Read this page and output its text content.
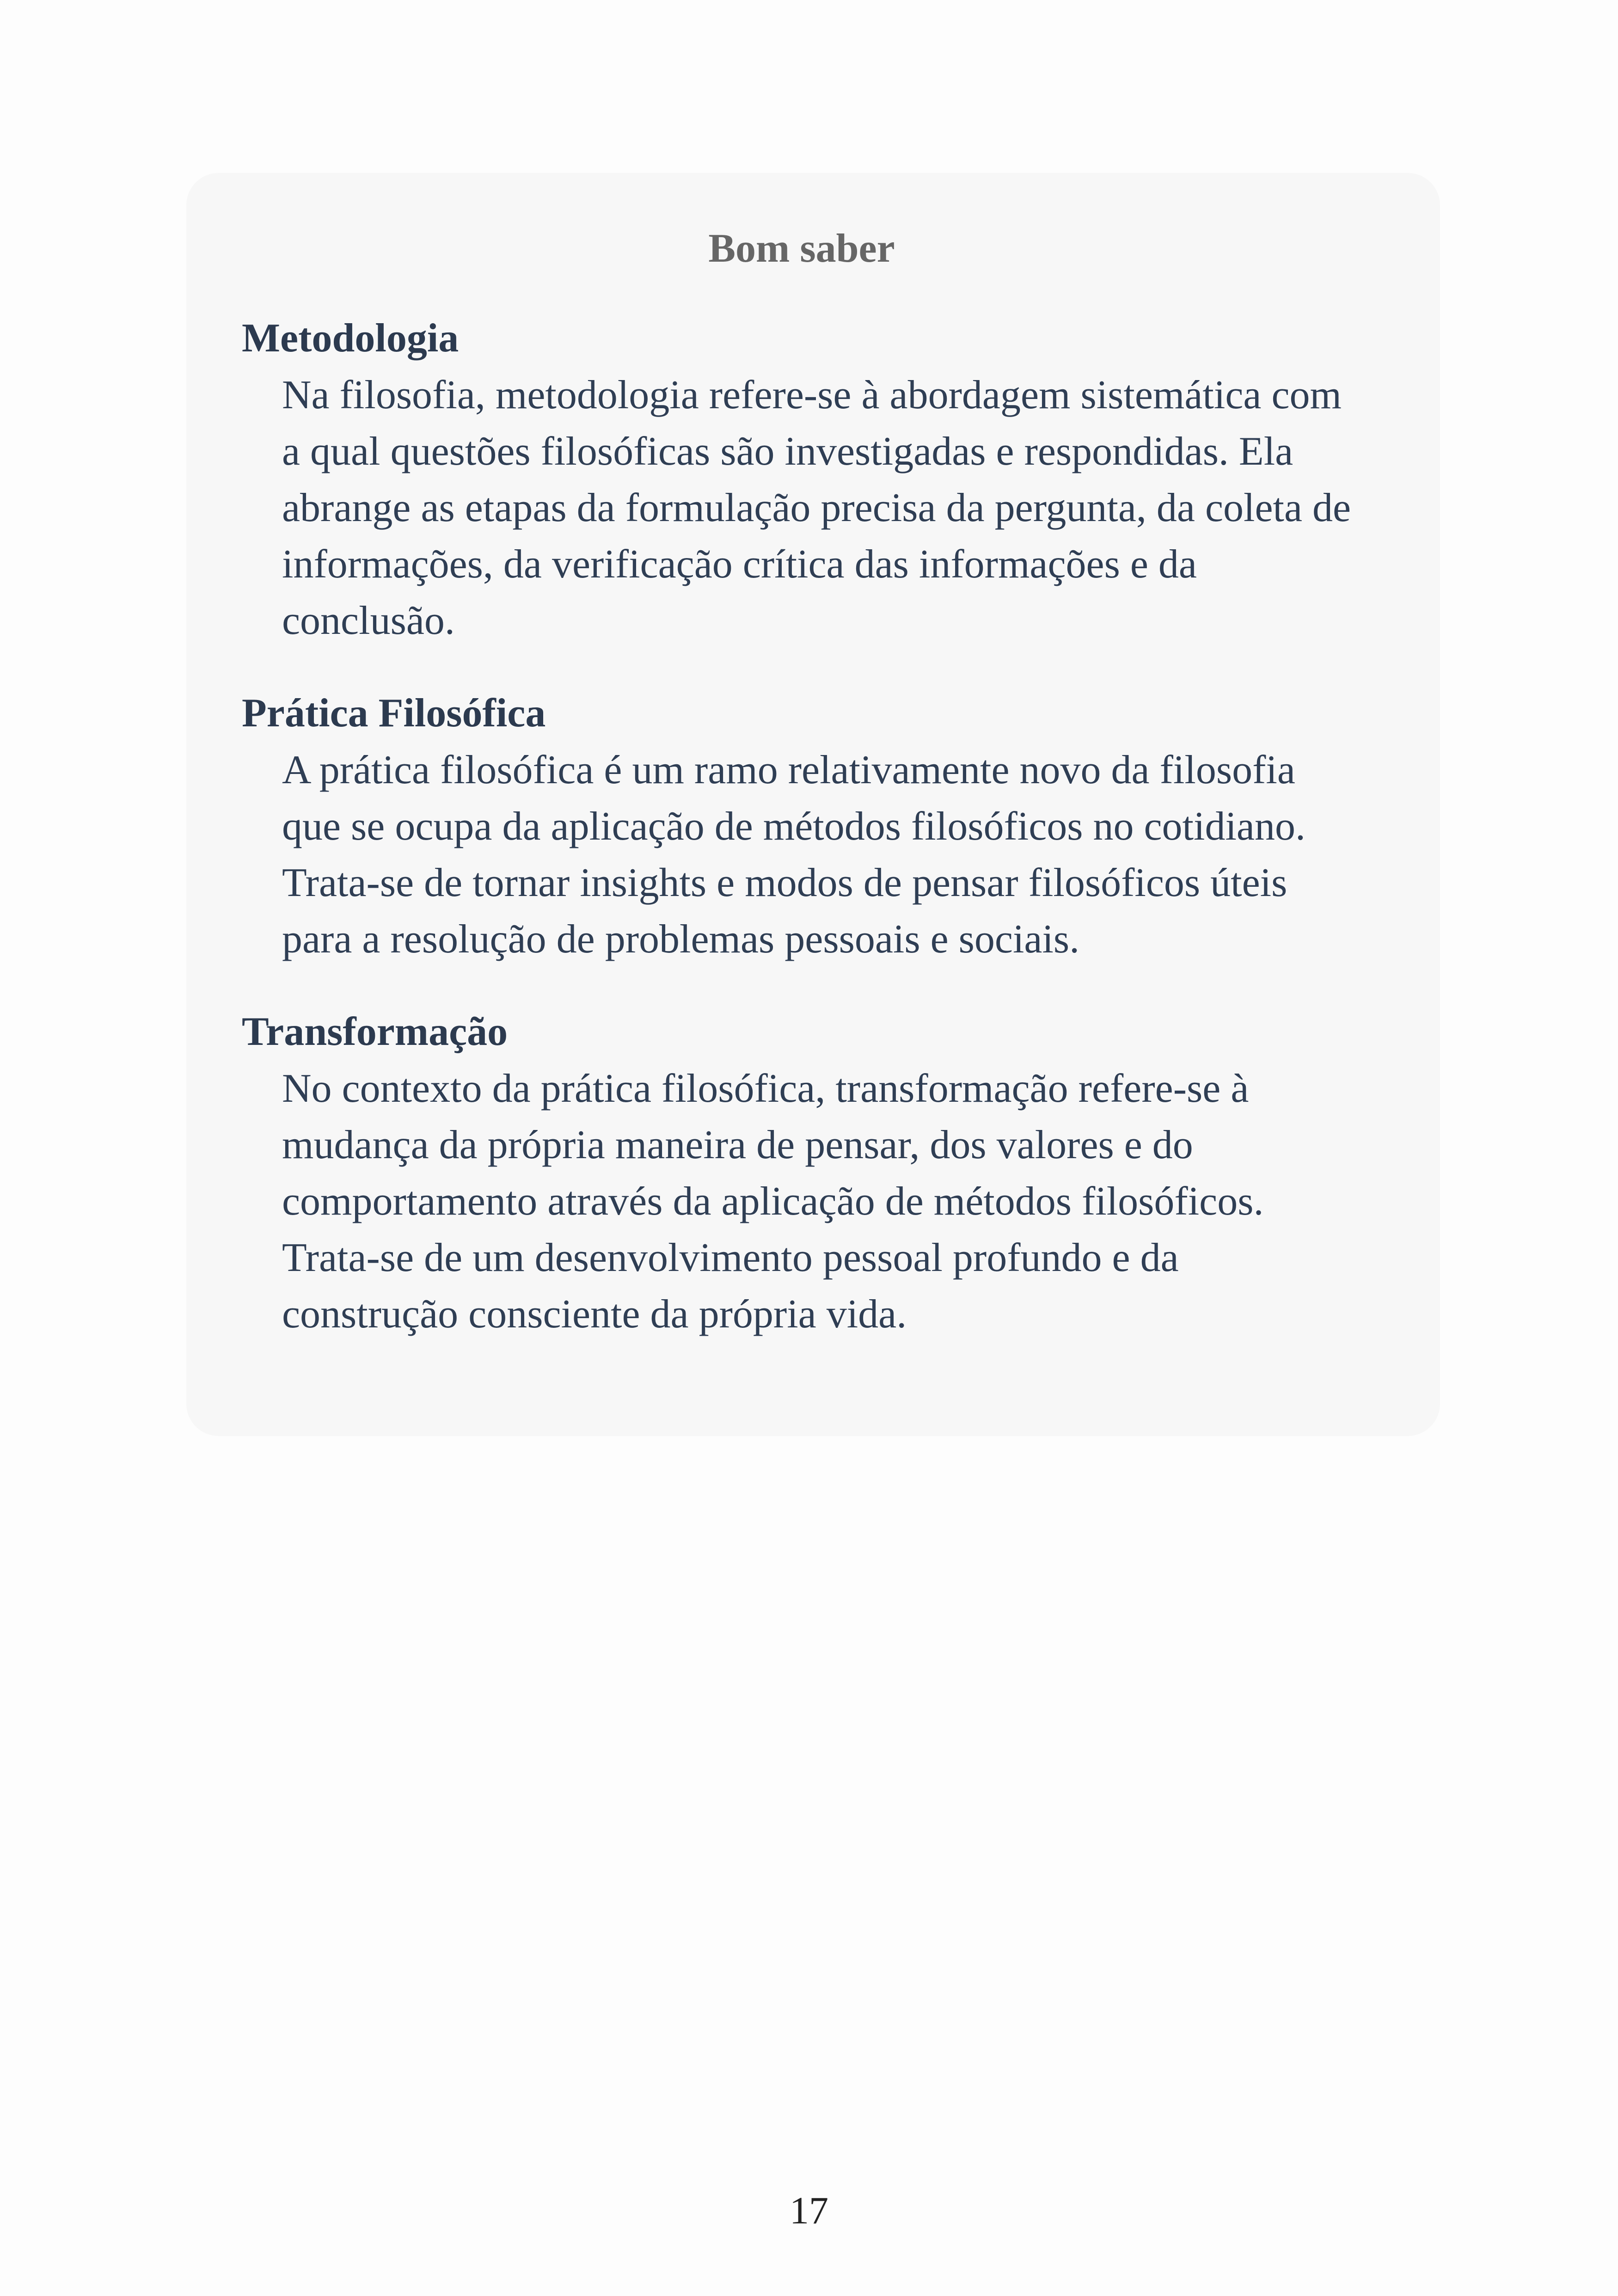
Bom saber
Metodologia
Na filosofia, metodologia refere-se à abordagem sistemática com a qual questões filosóficas são investigadas e respondidas. Ela abrange as etapas da formulação precisa da pergunta, da coleta de informações, da verificação crítica das informações e da conclusão.
Prática Filosófica
A prática filosófica é um ramo relativamente novo da filosofia que se ocupa da aplicação de métodos filosóficos no cotidiano. Trata-se de tornar insights e modos de pensar filosóficos úteis para a resolução de problemas pessoais e sociais.
Transformação
No contexto da prática filosófica, transformação refere-se à mudança da própria maneira de pensar, dos valores e do comportamento através da aplicação de métodos filosóficos. Trata-se de um desenvolvimento pessoal profundo e da construção consciente da própria vida.
17
